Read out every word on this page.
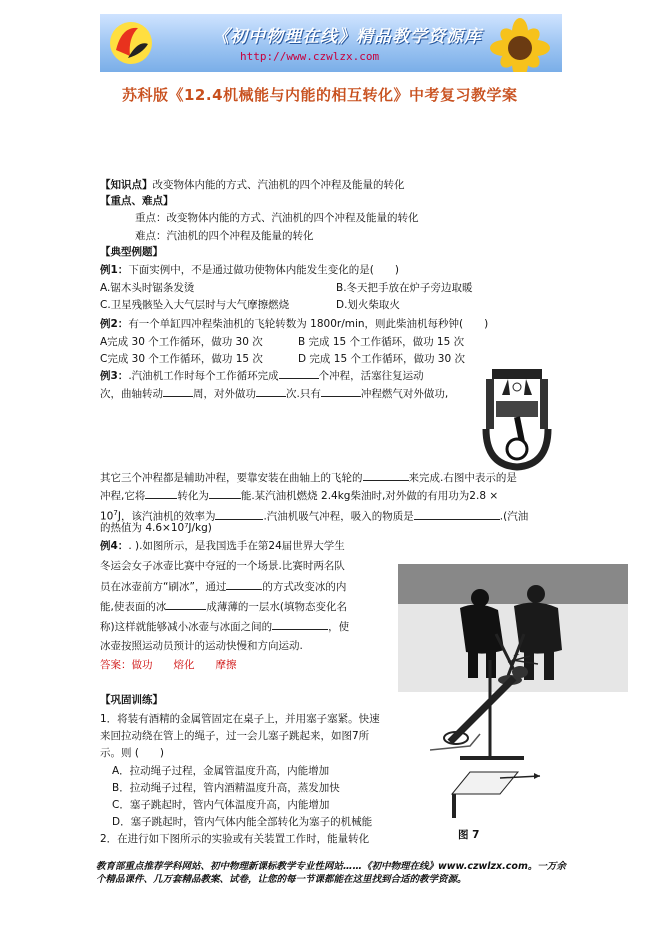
《初中物理在线》精品教学资源库
http://www.czwlzx.com
苏科版《12.4机械能与内能的相互转化》中考复习教学案
【知识点】改变物体内能的方式、汽油机的四个冲程及能量的转化
【重点、难点】
重点：改变物体内能的方式、汽油机的四个冲程及能量的转化
难点：汽油机的四个冲程及能量的转化
【典型例题】
例1：下面实例中，不是通过做功使物体内能发生变化的是(　　)
A.锯木头时锯条发烫	B.冬天把手放在炉子旁边取暖
C.卫星残骸坠入大气层时与大气摩擦燃烧	D.划火柴取火
例2：有一个单缸四冲程柴油机的飞轮转数为 1800r/min，则此柴油机每秒钟(　　)
A完成 30 个工作循环，做功 30 次	B 完成 15 个工作循环，做功 15 次
C完成 30 个工作循环，做功 15 次	D 完成 15 个工作循环，做功 30 次
例3：.汽油机工作时每个工作循环完成	个冲程，活塞往复运动
次，曲轴转动	周，对外做功	次.只有	冲程燃气对外做功,
其它三个冲程都是辅助冲程，要靠安装在曲轴上的飞轮的	来完成.右图中表示的是
冲程,它将	转化为	能.某汽油机燃烧 2.4kg柴油时,对外做的有用功为2.8 ×
$10^7J$，该汽油机的效率为	.汽油机吸气冲程，吸入的物质是	.(汽油
的热值为 4.6×10⁷J/kg)
例4：. ).如图所示，是我国选手在第24届世界大学生
冬运会女子冰壶比赛中夺冠的一个场景.比赛时两名队
员在冰壶前方“刷冰”，通过	的方式改变冰的内
能,使表面的冰	成薄薄的一层水(填物态变化名
称)这样就能够减小冰壶与冰面之间的	，使
冰壶按照运动员预计的运动快慢和方向运动.
答案：做功　　熔化　　摩擦
【巩固训练】
1．将装有酒精的金属管固定在桌子上，并用塞子塞紧。快速
来回拉动绕在管上的绳子，过一会儿塞子跳起来，如图7所
示。则 (　　)
A．拉动绳子过程，金属管温度升高，内能增加
B．拉动绳子过程，管内酒精温度升高，蒸发加快
C．塞子跳起时，管内气体温度升高，内能增加
D．塞子跳起时，管内气体内能全部转化为塞子的机械能
2．在进行如下图所示的实验或有关装置工作时，能量转化	图 7
教育部重点推荐学科网站、初中物理新课标教学专业性网站……《初中物理在线》www.czwlzx.com。一万余
个精品课件、几万套精品教案、试卷，让您的每一节课都能在这里找到合适的教学资源。
